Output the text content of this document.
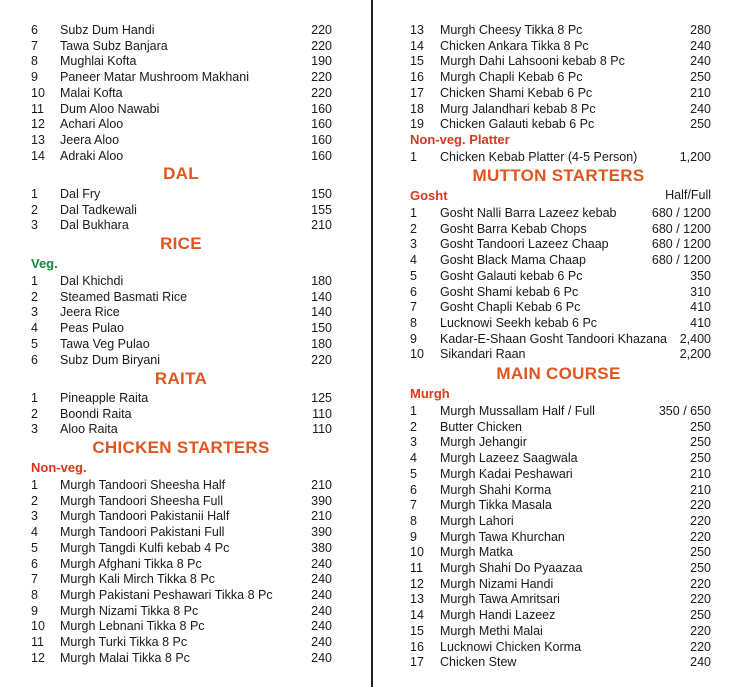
6 Subz Dum Handi	220
7 Tawa Subz Banjara	220
8 Mughlai Kofta	190
9 Paneer Matar Mushroom Makhani	220
10 Malai Kofta	220
11 Dum Aloo Nawabi	160
12 Achari Aloo	160
13 Jeera Aloo	160
14 Adraki Aloo	160
DAL
1 Dal Fry	150
2 Dal Tadkewali	155
3 Dal Bukhara	210
RICE
Veg.
1 Dal Khichdi	180
2 Steamed Basmati Rice	140
3 Jeera Rice	140
4 Peas Pulao	150
5 Tawa Veg Pulao	180
6 Subz Dum Biryani	220
RAITA
1 Pineapple Raita	125
2 Boondi Raita	110
3 Aloo Raita	110
CHICKEN STARTERS
Non-veg.
1 Murgh Tandoori Sheesha Half	210
2 Murgh Tandoori Sheesha Full	390
3 Murgh Tandoori Pakistanii Half	210
4 Murgh Tandoori Pakistani Full	390
5 Murgh Tangdi Kulfi kebab 4 Pc	380
6 Murgh Afghani Tikka 8 Pc	240
7 Murgh Kali Mirch Tikka 8 Pc	240
8 Murgh Pakistani Peshawari Tikka 8 Pc	240
9 Murgh Nizami Tikka 8 Pc	240
10 Murgh Lebnani Tikka 8 Pc	240
11 Murgh Turki Tikka 8 Pc	240
12 Murgh Malai Tikka 8 Pc	240
13 Murgh Cheesy Tikka 8 Pc	280
14 Chicken Ankara Tikka 8 Pc	240
15 Murgh Dahi Lahsooni kebab 8 Pc	240
16 Murgh Chapli Kebab 6 Pc	250
17 Chicken Shami Kebab 6 Pc	210
18 Murg Jalandhari kebab 8 Pc	240
19 Chicken Galauti kebab 6 Pc	250
Non-veg. Platter
1 Chicken Kebab Platter (4-5 Person)	1,200
MUTTON STARTERS
Gosht	Half/Full
1 Gosht Nalli Barra Lazeez kebab	680 / 1200
2 Gosht Barra Kebab Chops	680 / 1200
3 Gosht Tandoori Lazeez Chaap	680 / 1200
4 Gosht Black Mama Chaap	680 / 1200
5 Gosht Galauti kebab 6 Pc	350
6 Gosht Shami kebab 6 Pc	310
7 Gosht Chapli Kebab 6 Pc	410
8 Lucknowi Seekh kebab 6 Pc	410
9 Kadar-E-Shaan Gosht Tandoori Khazana 2,400
10 Sikandari Raan	2,200
MAIN COURSE
Murgh
1 Murgh Mussallam Half / Full	350 / 650
2 Butter Chicken	250
3 Murgh Jehangir	250
4 Murgh Lazeez Saagwala	250
5 Murgh Kadai Peshawari	210
6 Murgh Shahi Korma	210
7 Murgh Tikka Masala	220
8 Murgh Lahori	220
9 Murgh Tawa Khurchan	220
10 Murgh Matka	250
11 Murgh Shahi Do Pyaazaa	250
12 Murgh Nizami Handi	220
13 Murgh Tawa Amritsari	220
14 Murgh Handi Lazeez	250
15 Murgh Methi Malai	220
16 Lucknowi Chicken Korma	220
17 Chicken Stew	240
